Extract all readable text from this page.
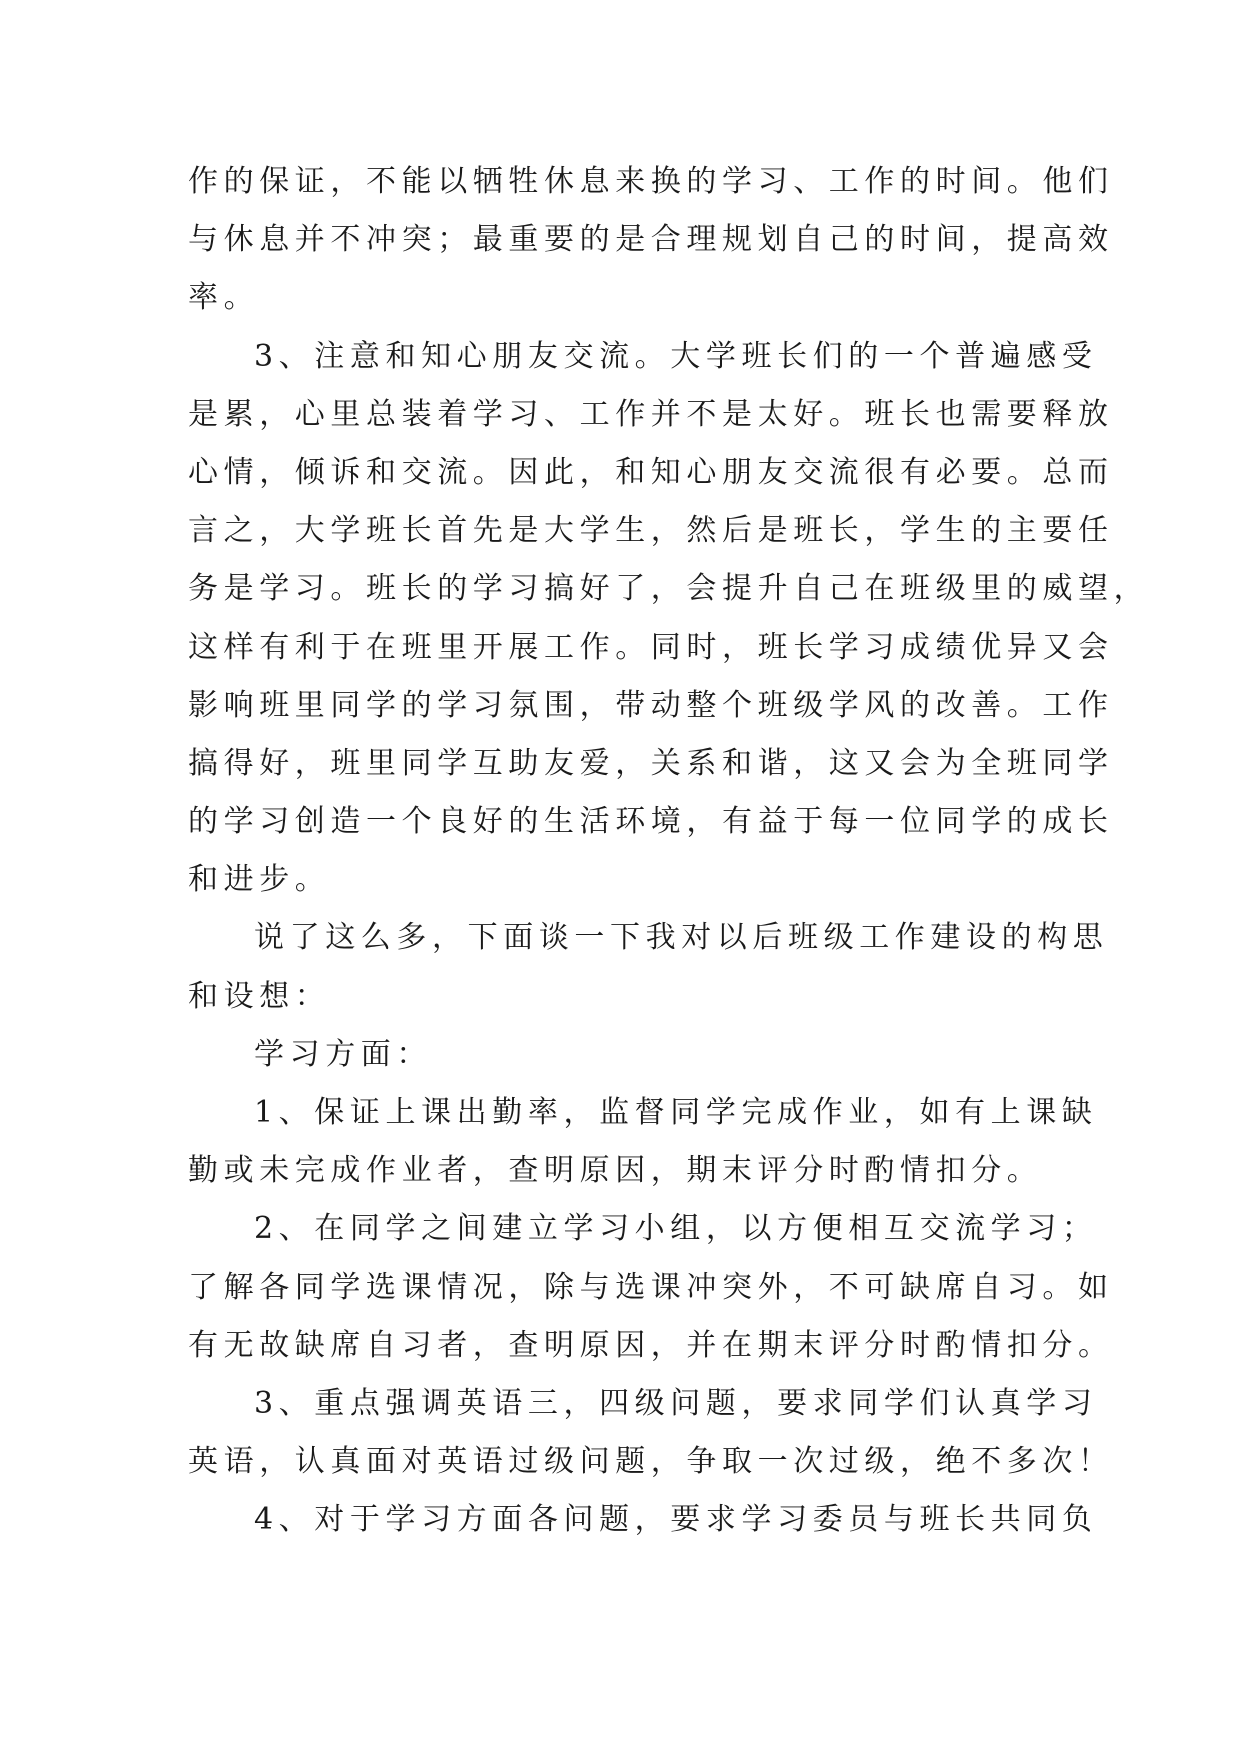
作的保证，不能以牺牲休息来换的学习、工作的时间。他们
与休息并不冲突；最重要的是合理规划自己的时间，提高效
率。
3、注意和知心朋友交流。大学班长们的一个普遍感受
是累，心里总装着学习、工作并不是太好。班长也需要释放
心情，倾诉和交流。因此，和知心朋友交流很有必要。总而
言之，大学班长首先是大学生，然后是班长，学生的主要任
务是学习。班长的学习搞好了，会提升自己在班级里的威望，
这样有利于在班里开展工作。同时，班长学习成绩优异又会
影响班里同学的学习氛围，带动整个班级学风的改善。工作
搞得好，班里同学互助友爱，关系和谐，这又会为全班同学
的学习创造一个良好的生活环境，有益于每一位同学的成长
和进步。
说了这么多，下面谈一下我对以后班级工作建设的构思
和设想：
学习方面：
1、保证上课出勤率，监督同学完成作业，如有上课缺
勤或未完成作业者，查明原因，期末评分时酌情扣分。
2、在同学之间建立学习小组，以方便相互交流学习；
了解各同学选课情况，除与选课冲突外，不可缺席自习。如
有无故缺席自习者，查明原因，并在期末评分时酌情扣分。
3、重点强调英语三，四级问题，要求同学们认真学习
英语，认真面对英语过级问题，争取一次过级，绝不多次！
4、对于学习方面各问题，要求学习委员与班长共同负
